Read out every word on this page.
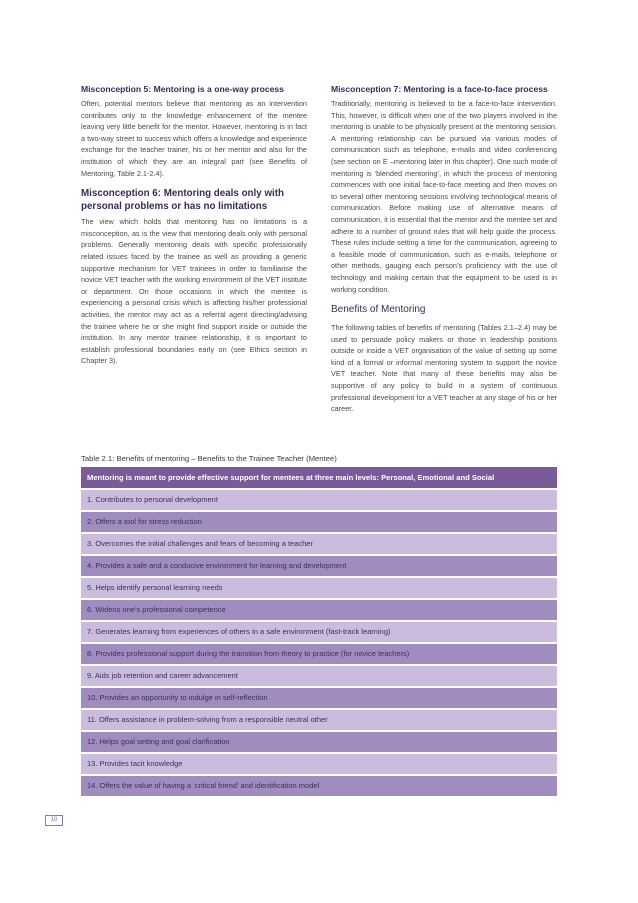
Misconception 5: Mentoring is a one-way process

Often, potential mentors believe that mentoring as an intervention contributes only to the knowledge enhancement of the mentee leaving very little benefit for the mentor. However, mentoring is in fact a two-way street to success which offers a knowledge and experience exchange for the teacher trainer, his or her mentor and also for the institution of which they are an integral part (see Benefits of Mentoring, Table 2.1-2.4).

Misconception 6: Mentoring deals only with personal problems or has no limitations

The view which holds that mentoring has no limitations is a misconception, as is the view that mentoring deals only with personal problems. Generally mentoring deals with specific professionally related issues faced by the trainee as well as providing a generic supportive mechanism for VET trainees in order to familiarise the novice VET teacher with the working environment of the VET institute or department. On those occasions in which the mentee is experiencing a personal crisis which is affecting his/her professional activities, the mentor may act as a referral agent directing/advising the trainee where he or she might find support inside or outside the institution. In any mentor trainee relationship, it is important to establish professional boundaries early on (see Ethics section in Chapter 3).

Misconception 7: Mentoring is a face-to-face process

Traditionally, mentoring is believed to be a face-to-face intervention. This, however, is difficult when one of the two players involved in the mentoring is unable to be physically present at the mentoring session. A mentoring relationship can be pursued via various modes of communication such as telephone, e-mails and video conferencing (see section on E –mentoring later in this chapter). One such mode of mentoring is ‘blended mentoring’, in which the process of mentoring commences with one initial face-to-face meeting and then moves on to several other mentoring sessions involving technological means of communication. Before making use of alternative means of communication, it is essential that the mentor and the mentee set and adhere to a number of ground rules that will help guide the process. These rules include setting a time for the communication, agreeing to a feasible mode of communication, such as e-mails, telephone or other methods, gauging each person’s proficiency with the use of technology and making certain that the equipment to be used is in working condition.

Benefits of Mentoring

The following tables of benefits of mentoring (Tables 2.1–2.4) may be used to persuade policy makers or those in leadership positions outside or inside a VET organisation of the value of setting up some kind of a formal or informal mentoring system to support the novice VET teacher. Note that many of these benefits may also be supportive of any policy to build in a system of continuous professional development for a VET teacher at any stage of his or her career.

Table 2.1: Benefits of mentoring – Benefits to the Trainee Teacher (Mentee)
Mentoring is meant to provide effective support for mentees at three main levels: Personal, Emotional and Social
1. Contributes to personal development
2. Offers a tool for stress reduction
3. Overcomes the initial challenges and fears of becoming a teacher
4. Provides a safe and a conducive environment for learning and development
5. Helps identify personal learning needs
6. Widens one’s professional competence
7. Generates learning from experiences of others in a safe environment (fast-track learning)
8. Provides professional support during the transition from theory to practice (for novice teachers)
9. Aids job retention and career advancement
10. Provides an opportunity to indulge in self-reflection
11. Offers assistance in problem-solving from a responsible neutral other
12. Helps goal setting and goal clarification
13. Provides tacit knowledge
14. Offers the value of having a ‘critical friend’ and identification model
10
